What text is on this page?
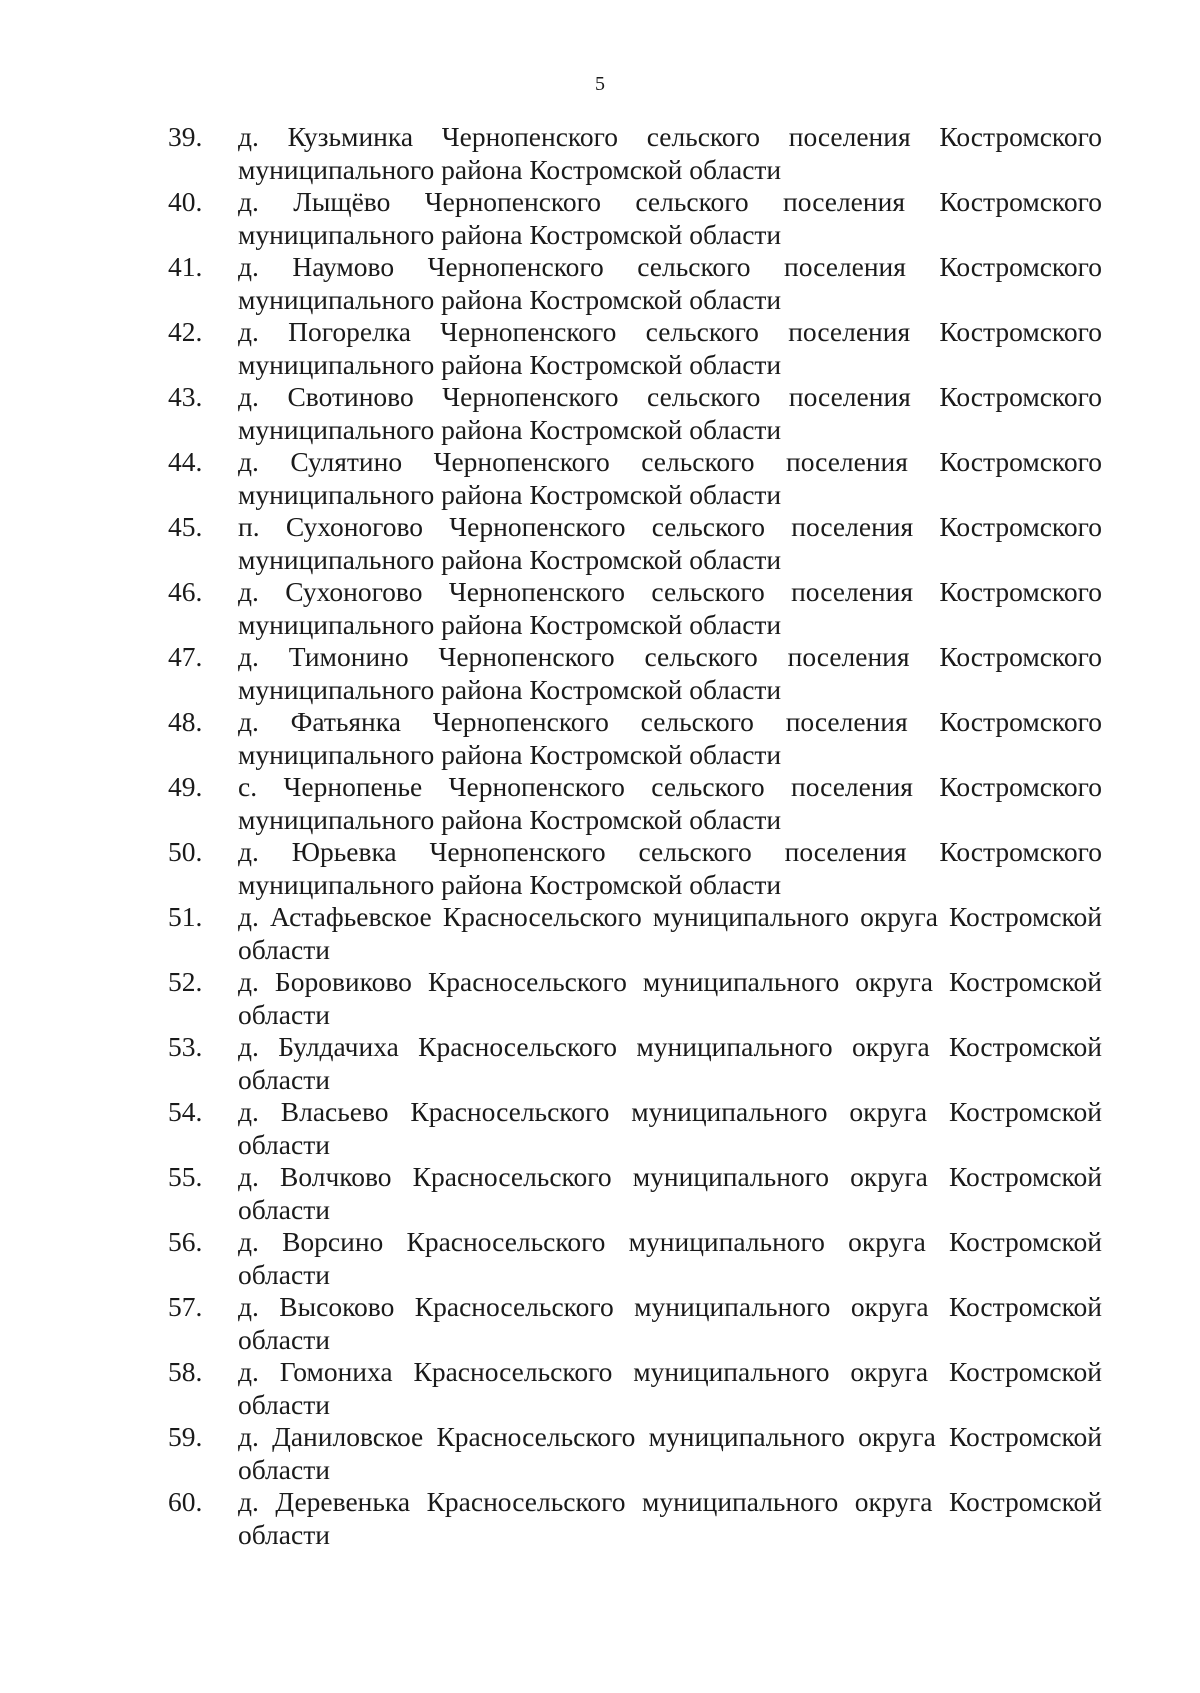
5
39.	д. Кузьминка Чернопенского сельского поселения Костромского муниципального района Костромской области
40.	д. Лыщёво Чернопенского сельского поселения Костромского муниципального района Костромской области
41.	д. Наумово Чернопенского сельского поселения Костромского муниципального района Костромской области
42.	д. Погорелка Чернопенского сельского поселения Костромского муниципального района Костромской области
43.	д. Свотиново Чернопенского сельского поселения Костромского муниципального района Костромской области
44.	д. Сулятино Чернопенского сельского поселения Костромского муниципального района Костромской области
45.	п. Сухоногово Чернопенского сельского поселения Костромского муниципального района Костромской области
46.	д. Сухоногово Чернопенского сельского поселения Костромского муниципального района Костромской области
47.	д. Тимонино Чернопенского сельского поселения Костромского муниципального района Костромской области
48.	д. Фатьянка Чернопенского сельского поселения Костромского муниципального района Костромской области
49.	с. Чернопенье Чернопенского сельского поселения Костромского муниципального района Костромской области
50.	д. Юрьевка Чернопенского сельского поселения Костромского муниципального района Костромской области
51.	д. Астафьевское Красносельского муниципального округа Костромской области
52.	д. Боровиково Красносельского муниципального округа Костромской области
53.	д. Булдачиха Красносельского муниципального округа Костромской области
54.	д. Власьево Красносельского муниципального округа Костромской области
55.	д. Волчково Красносельского муниципального округа Костромской области
56.	д. Ворсино Красносельского муниципального округа Костромской области
57.	д. Высоково Красносельского муниципального округа Костромской области
58.	д. Гомониха Красносельского муниципального округа Костромской области
59.	д. Даниловское Красносельского муниципального округа Костромской области
60.	д. Деревенька Красносельского муниципального округа Костромской области
